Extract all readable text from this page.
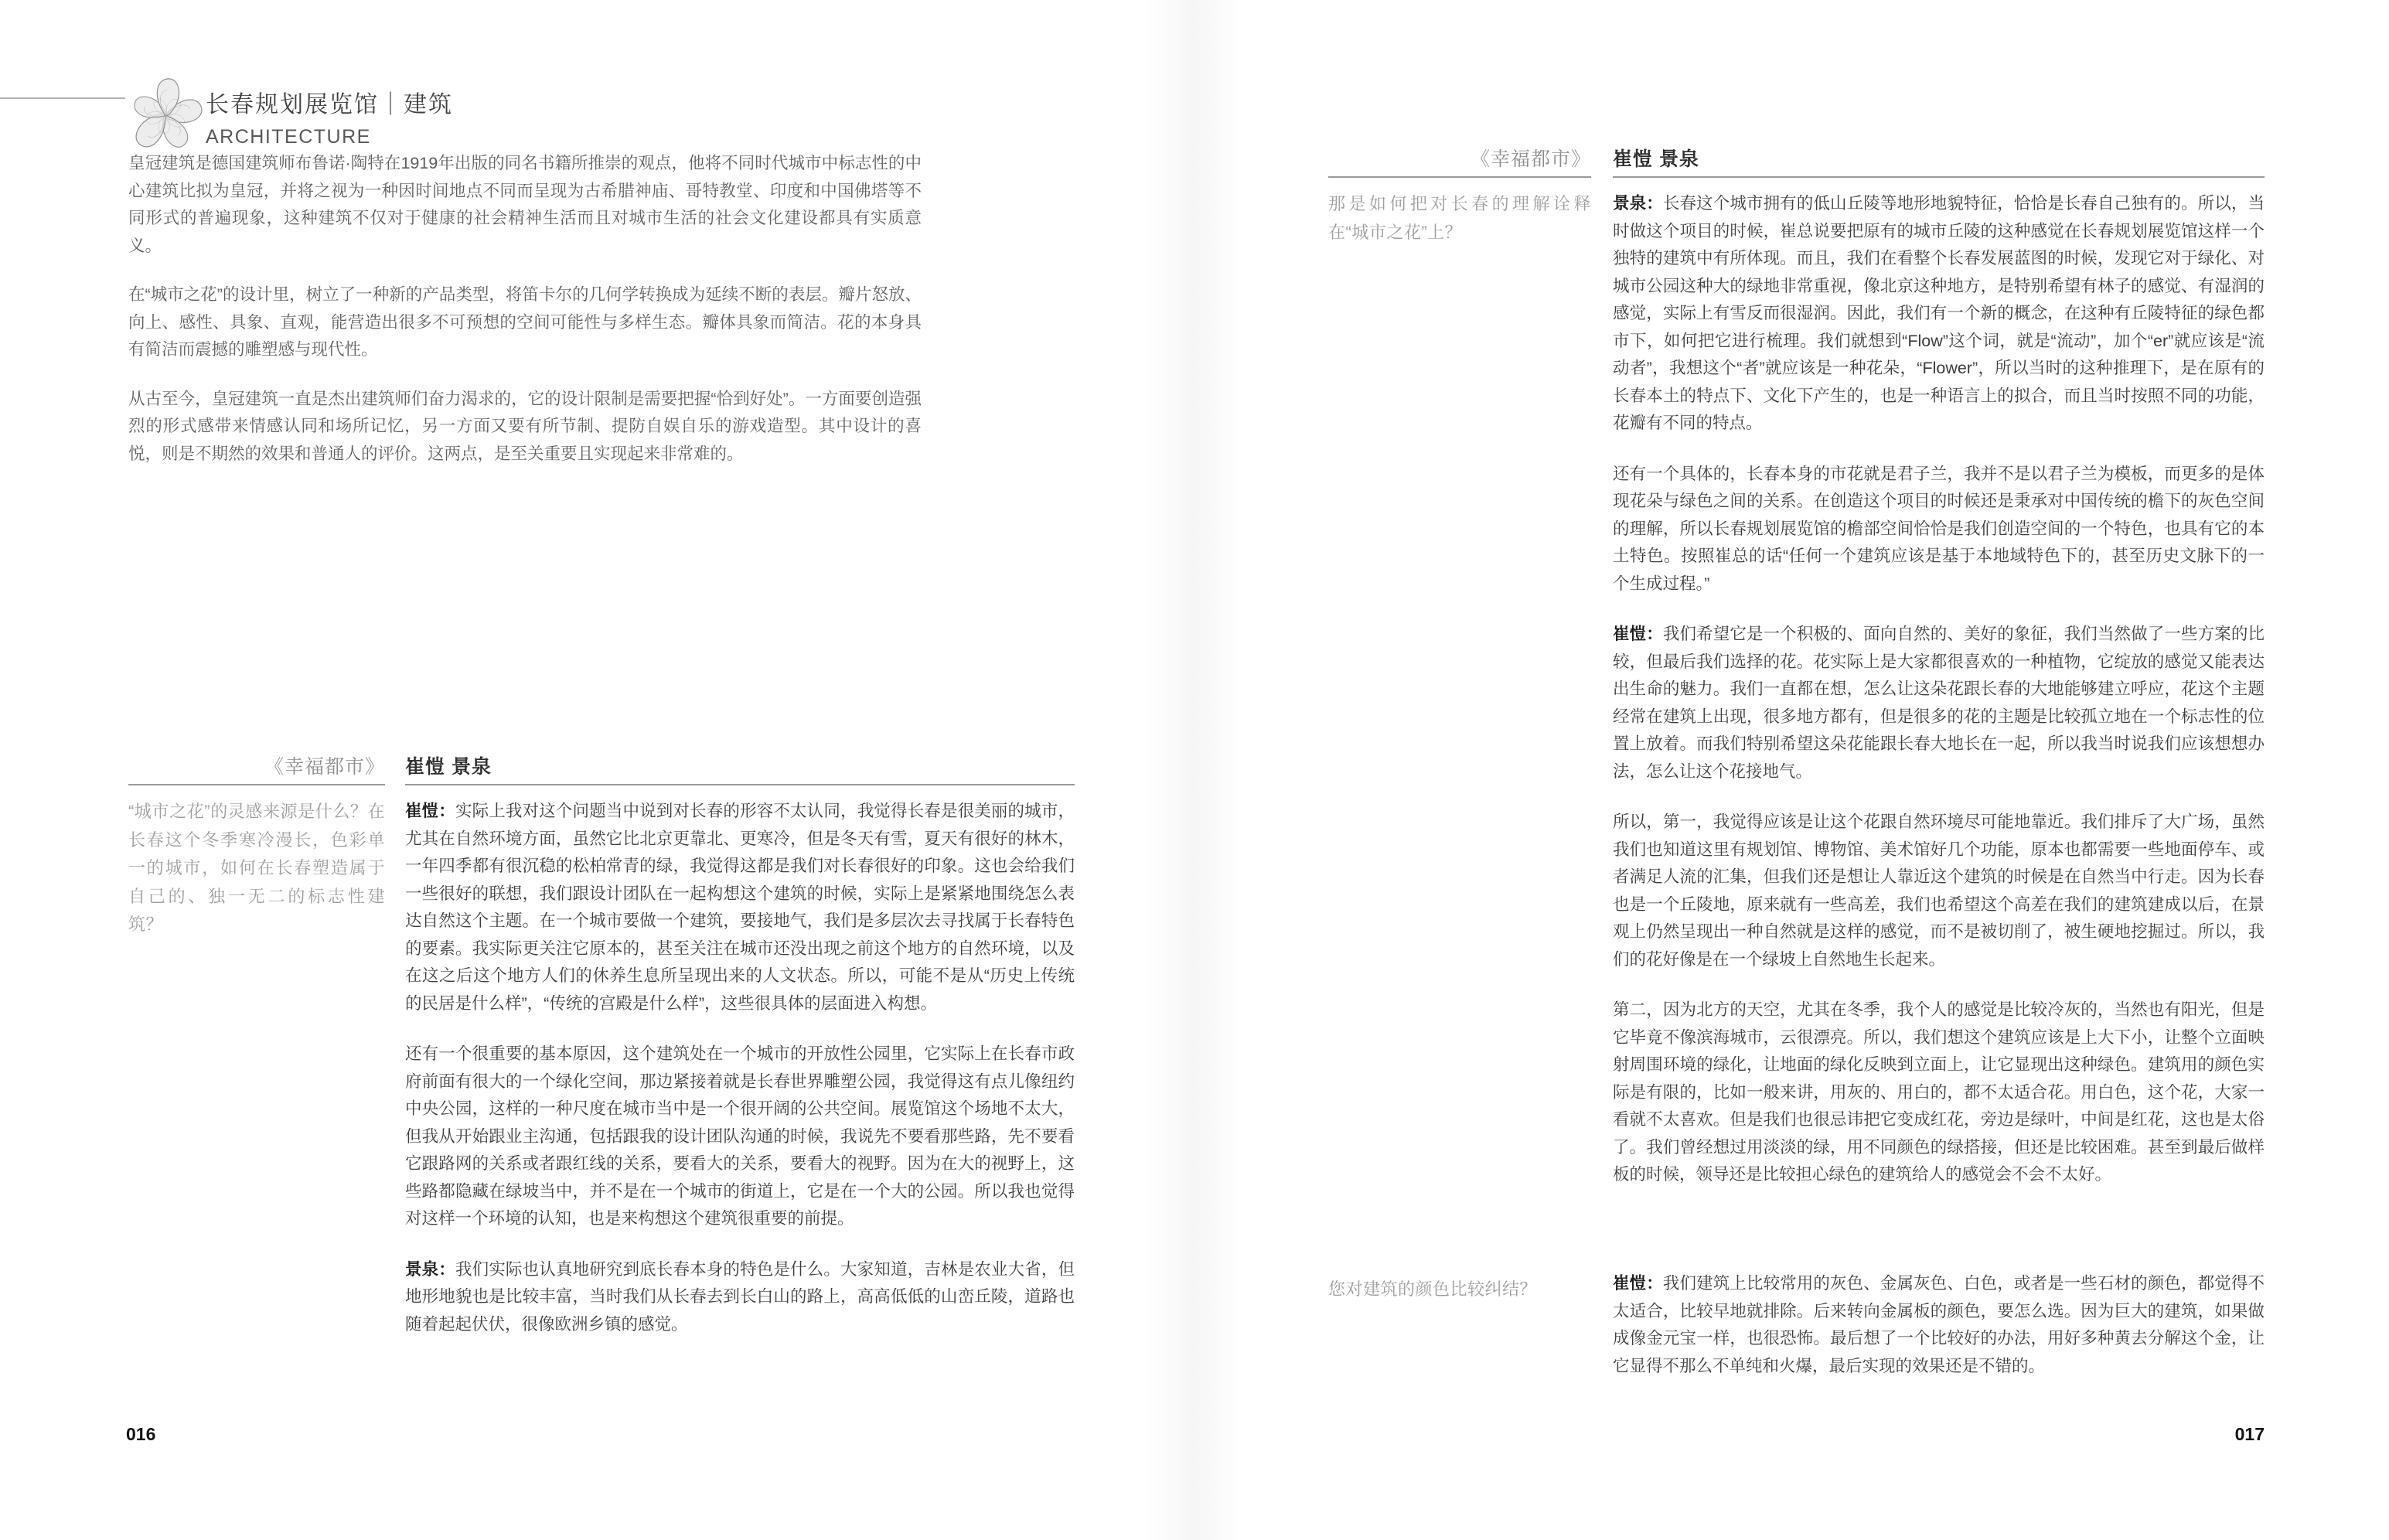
长春规划展览馆｜建筑
ARCHITECTURE

皇冠建筑是德国建筑师布鲁诺·陶特在1919年出版的同名书籍所推崇的观点，他将不同时代城市中标志性的中心建筑比拟为皇冠，并将之视为一种因时间地点不同而呈现为古希腊神庙、哥特教堂、印度和中国佛塔等不同形式的普遍现象，这种建筑不仅对于健康的社会精神生活而且对城市生活的社会文化建设都具有实质意义。

在“城市之花”的设计里，树立了一种新的产品类型，将笛卡尔的几何学转换成为延续不断的表层。瓣片怒放、向上、感性、具象、直观，能营造出很多不可预想的空间可能性与多样生态。瓣体具象而简洁。花的本身具有简洁而震撼的雕塑感与现代性。

从古至今，皇冠建筑一直是杰出建筑师们奋力渴求的，它的设计限制是需要把握“恰到好处”。一方面要创造强烈的形式感带来情感认同和场所记忆，另一方面又要有所节制、提防自娱自乐的游戏造型。其中设计的喜悦，则是不期然的效果和普通人的评价。这两点，是至关重要且实现起来非常难的。

《幸福都市》
“城市之花”的灵感来源是什么？在长春这个冬季寒冷漫长，色彩单一的城市，如何在长春塑造属于自己的、独一无二的标志性建筑？
崔愷 景泉

崔愷：实际上我对这个问题当中说到对长春的形容不太认同，我觉得长春是很美丽的城市，尤其在自然环境方面，虽然它比北京更靠北、更寒冷，但是冬天有雪，夏天有很好的林木，一年四季都有很沉稳的松柏常青的绿，我觉得这都是我们对长春很好的印象。这也会给我们一些很好的联想，我们跟设计团队在一起构想这个建筑的时候，实际上是紧紧地围绕怎么表达自然这个主题。在一个城市要做一个建筑，要接地气，我们是多层次去寻找属于长春特色的要素。我实际更关注它原本的，甚至关注在城市还没出现之前这个地方的自然环境，以及在这之后这个地方人们的休养生息所呈现出来的人文状态。所以，可能不是从“历史上传统的民居是什么样”，“传统的宫殿是什么样”，这些很具体的层面进入构想。

还有一个很重要的基本原因，这个建筑处在一个城市的开放性公园里，它实际上在长春市政府前面有很大的一个绿化空间，那边紧接着就是长春世界雕塑公园，我觉得这有点儿像纽约中央公园，这样的一种尺度在城市当中是一个很开阔的公共空间。展览馆这个场地不太大，但我从开始跟业主沟通，包括跟我的设计团队沟通的时候，我说先不要看那些路，先不要看它跟路网的关系或者跟红线的关系，要看大的关系，要看大的视野。因为在大的视野上，这些路都隐藏在绿坡当中，并不是在一个城市的街道上，它是在一个大的公园。所以我也觉得对这样一个环境的认知，也是来构想这个建筑很重要的前提。

景泉：我们实际也认真地研究到底长春本身的特色是什么。大家知道，吉林是农业大省，但地形地貌也是比较丰富，当时我们从长春去到长白山的路上，高高低低的山峦丘陵，道路也随着起起伏伏，很像欧洲乡镇的感觉。

《幸福都市》
那是如何把对长春的理解诠释在“城市之花”上？
崔愷 景泉

景泉：长春这个城市拥有的低山丘陵等地形地貌特征，恰恰是长春自己独有的。所以，当时做这个项目的时候，崔总说要把原有的城市丘陵的这种感觉在长春规划展览馆这样一个独特的建筑中有所体现。而且，我们在看整个长春发展蓝图的时候，发现它对于绿化、对城市公园这种大的绿地非常重视，像北京这种地方，是特别希望有林子的感觉、有湿润的感觉，实际上有雪反而很湿润。因此，我们有一个新的概念，在这种有丘陵特征的绿色都市下，如何把它进行梳理。我们就想到“Flow”这个词，就是“流动”，加个“er”就应该是“流动者”，我想这个“者”就应该是一种花朵，“Flower”，所以当时的这种推理下，是在原有的长春本土的特点下、文化下产生的，也是一种语言上的拟合，而且当时按照不同的功能，花瓣有不同的特点。

还有一个具体的，长春本身的市花就是君子兰，我并不是以君子兰为模板，而更多的是体现花朵与绿色之间的关系。在创造这个项目的时候还是秉承对中国传统的檐下的灰色空间的理解，所以长春规划展览馆的檐部空间恰恰是我们创造空间的一个特色，也具有它的本土特色。按照崔总的话“任何一个建筑应该是基于本地域特色下的，甚至历史文脉下的一个生成过程。”

崔愷：我们希望它是一个积极的、面向自然的、美好的象征，我们当然做了一些方案的比较，但最后我们选择的花。花实际上是大家都很喜欢的一种植物，它绽放的感觉又能表达出生命的魅力。我们一直都在想，怎么让这朵花跟长春的大地能够建立呼应，花这个主题经常在建筑上出现，很多地方都有，但是很多的花的主题是比较孤立地在一个标志性的位置上放着。而我们特别希望这朵花能跟长春大地长在一起，所以我当时说我们应该想想办法，怎么让这个花接地气。

所以，第一，我觉得应该是让这个花跟自然环境尽可能地靠近。我们排斥了大广场，虽然我们也知道这里有规划馆、博物馆、美术馆好几个功能，原本也都需要一些地面停车、或者满足人流的汇集，但我们还是想让人靠近这个建筑的时候是在自然当中行走。因为长春也是一个丘陵地，原来就有一些高差，我们也希望这个高差在我们的建筑建成以后，在景观上仍然呈现出一种自然就是这样的感觉，而不是被切削了，被生硬地挖掘过。所以，我们的花好像是在一个绿坡上自然地生长起来。

第二，因为北方的天空，尤其在冬季，我个人的感觉是比较冷灰的，当然也有阳光，但是它毕竟不像滨海城市，云很漂亮。所以，我们想这个建筑应该是上大下小，让整个立面映射周围环境的绿化，让地面的绿化反映到立面上，让它显现出这种绿色。建筑用的颜色实际是有限的，比如一般来讲，用灰的、用白的，都不太适合花。用白色，这个花，大家一看就不太喜欢。但是我们也很忌讳把它变成红花，旁边是绿叶，中间是红花，这也是太俗了。我们曾经想过用淡淡的绿，用不同颜色的绿搭接，但还是比较困难。甚至到最后做样板的时候，领导还是比较担心绿色的建筑给人的感觉会不会不太好。

您对建筑的颜色比较纠结？	崔愷：我们建筑上比较常用的灰色、金属灰色、白色，或者是一些石材的颜色，都觉得不太适合，比较早地就排除。后来转向金属板的颜色，要怎么选。因为巨大的建筑，如果做成像金元宝一样，也很恐怖。最后想了一个比较好的办法，用好多种黄去分解这个金，让它显得不那么不单纯和火爆，最后实现的效果还是不错的。

016	017
